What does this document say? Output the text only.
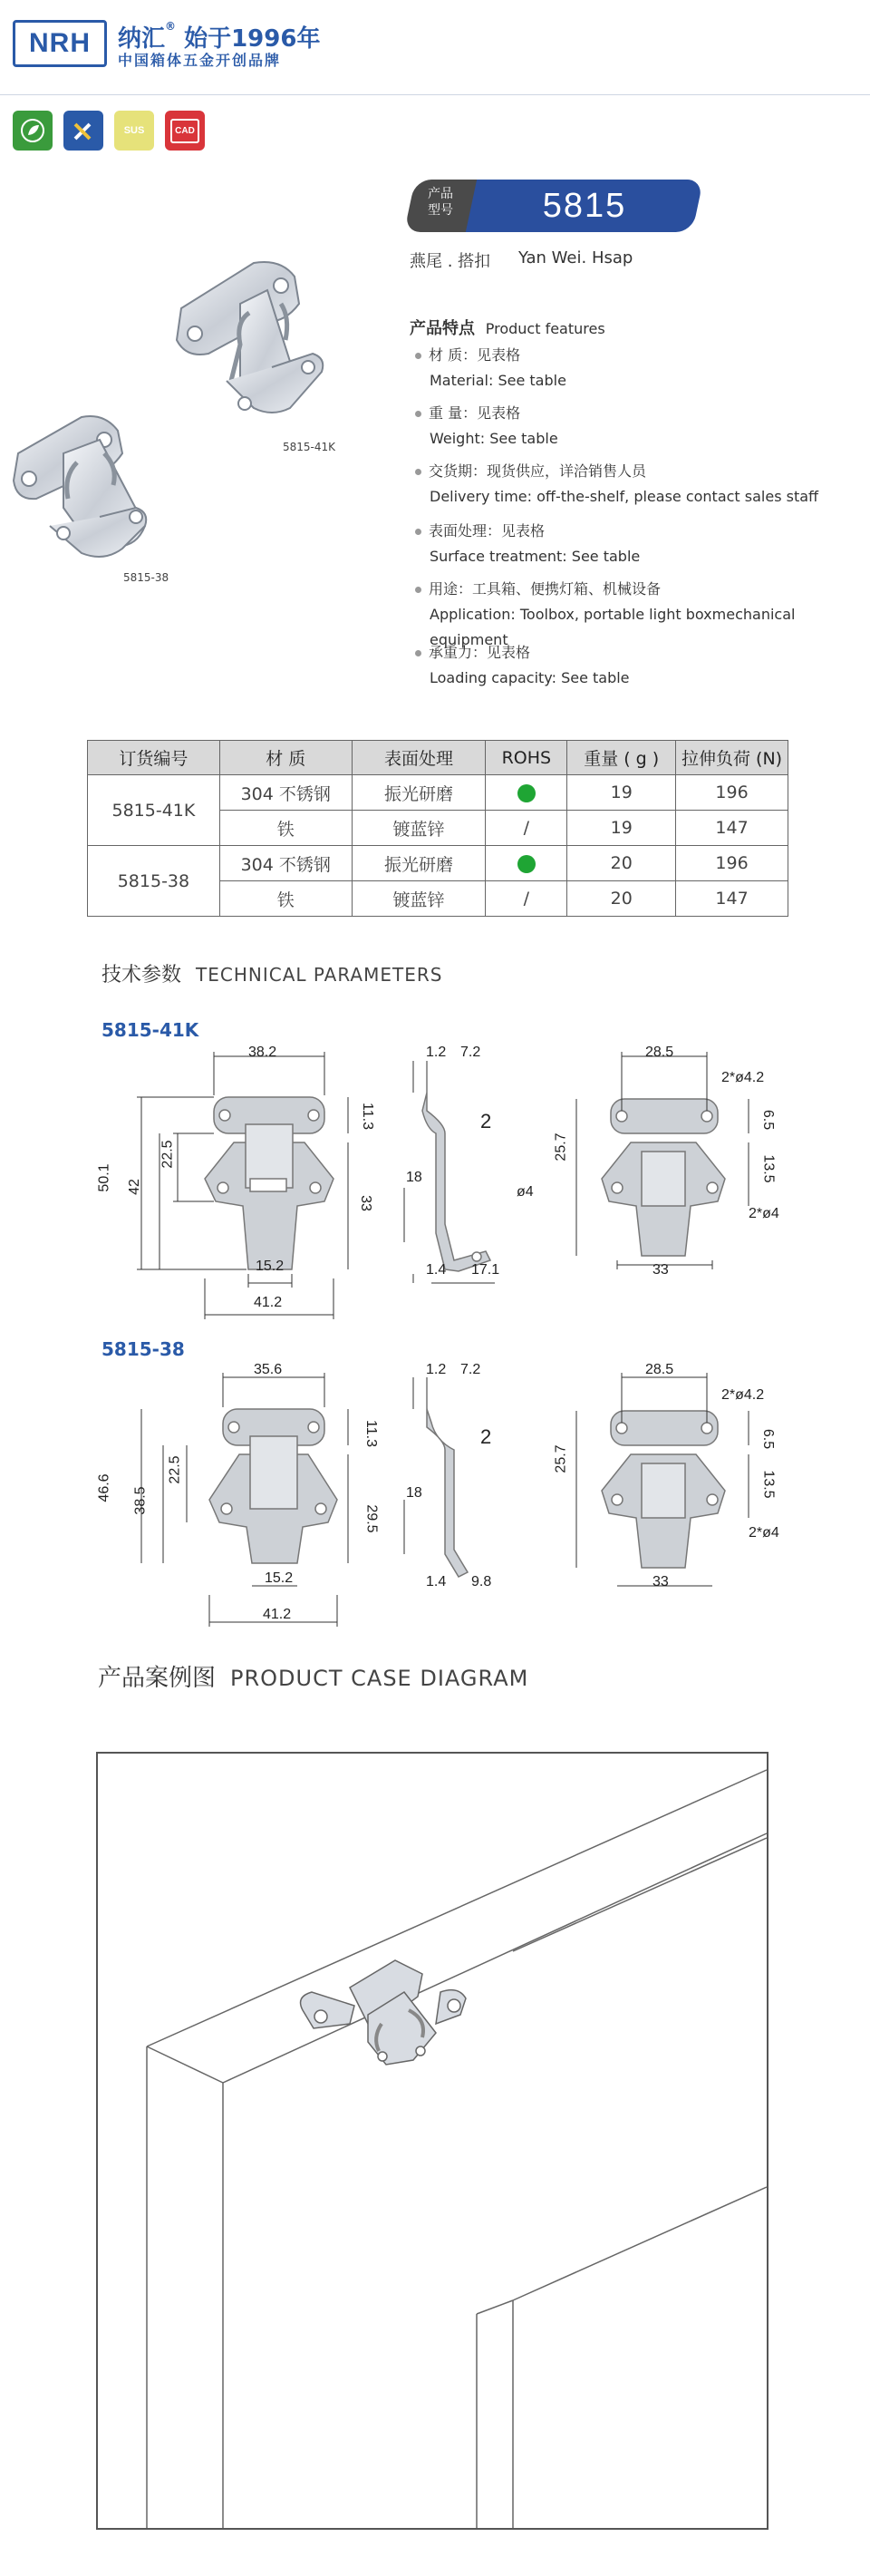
NRH	纳汇® 始于1996年
中国箱体五金开创品牌
SUS	CAD
5815-41K
5815-38
产品
型号	5815
燕尾 . 搭扣 Yan Wei. Hsap
产品特点 Product features
材 质：见表格
Material: See table
重 量：见表格
Weight: See table
交货期：现货供应，详洽销售人员
Delivery time: off-the-shelf, please contact sales staff
表面处理：见表格
Surface treatment: See table
用途：工具箱、便携灯箱、机械设备
Application: Toolbox, portable light boxmechanical equipment
承重力：见表格
Loading capacity: See table
订货编号	材 质	表面处理	ROHS	重量 ( g )	拉伸负荷 (N)
5815-41K	304 不锈钢	振光研磨		19	196
	铁	镀蓝锌	/	19	147
5815-38	304 不锈钢	振光研磨		20	196
	铁	镀蓝锌	/	20	147
技术参数 TECHNICAL PARAMETERS
5815-41K
38.2
50.1 42
22.5
11.3
33
15.2
41.2
1.2 7.2
2
18
ø4
1.4 17.1
28.5
2*ø4.2
25.7
6.5
13.5
2*ø4
33
5815-38
35.6
46.6 38.5
22.5
11.3
29.5
15.2
41.2
1.2 7.2
2
18
1.4 9.8
28.5
2*ø4.2
25.7
6.5
13.5
2*ø4
33
产品案例图 PRODUCT CASE DIAGRAM
